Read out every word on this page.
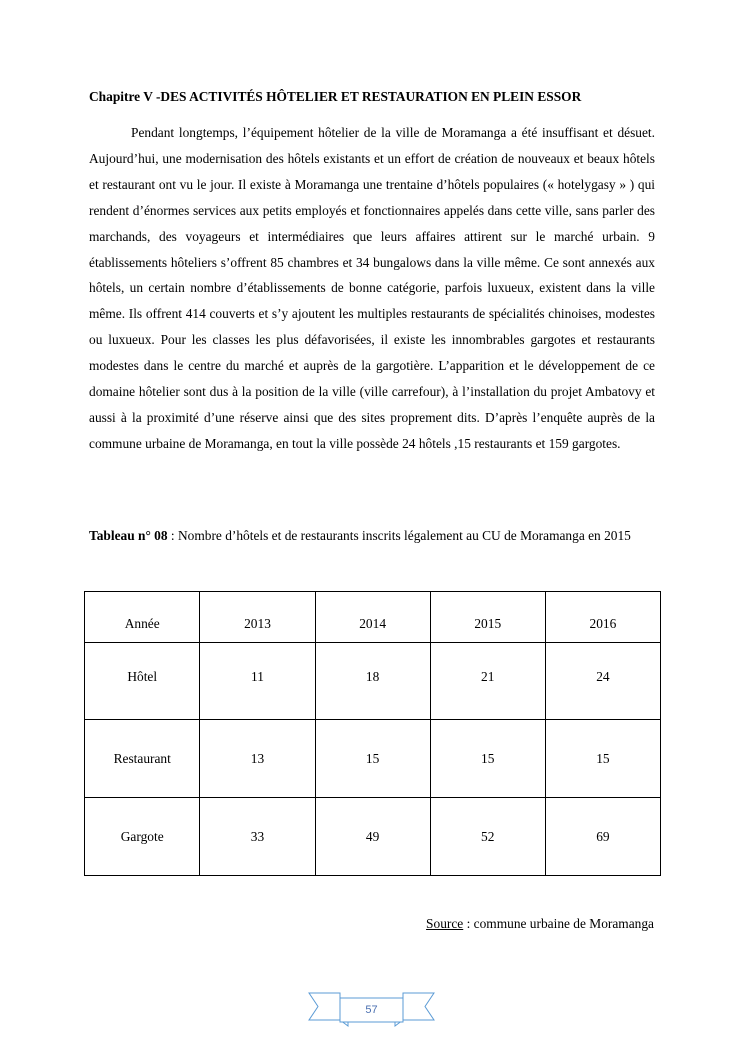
Chapitre V -DES ACTIVITÉS HÔTELIER ET RESTAURATION EN PLEIN ESSOR

Pendant longtemps, l’équipement hôtelier de la ville de Moramanga a été insuffisant et désuet. Aujourd’hui, une modernisation des hôtels existants et un effort de création de nouveaux et beaux hôtels et restaurant ont vu le jour. Il existe à Moramanga une trentaine d’hôtels populaires (« hotelygasy » ) qui rendent d’énormes services aux petits employés et fonctionnaires appelés dans cette ville, sans parler des marchands, des voyageurs et intermédiaires que leurs affaires attirent sur le marché urbain. 9 établissements hôteliers s’offrent 85 chambres et 34 bungalows dans la ville même. Ce sont annexés aux hôtels, un certain nombre d’établissements de bonne catégorie, parfois luxueux, existent dans la ville même. Ils offrent 414 couverts et s’y ajoutent les multiples restaurants de spécialités chinoises, modestes ou luxueux. Pour les classes les plus défavorisées, il existe les innombrables gargotes et restaurants modestes dans le centre du marché et auprès de la gargotière. L’apparition et le développement de ce domaine hôtelier sont dus à la position de la ville (ville carrefour), à l’installation du projet Ambatovy et aussi à la proximité d’une réserve ainsi que des sites proprement dits. D’après l’enquête auprès de la commune urbaine de Moramanga, en tout la ville possède 24 hôtels ,15 restaurants et 159 gargotes.

Tableau n° 08 : Nombre d’hôtels et de restaurants inscrits légalement au CU de Moramanga en 2015

Année	2013	2014	2015	2016
Hôtel	11	18	21	24
Restaurant	13	15	15	15
Gargote	33	49	52	69
Source : commune urbaine de Moramanga
57
